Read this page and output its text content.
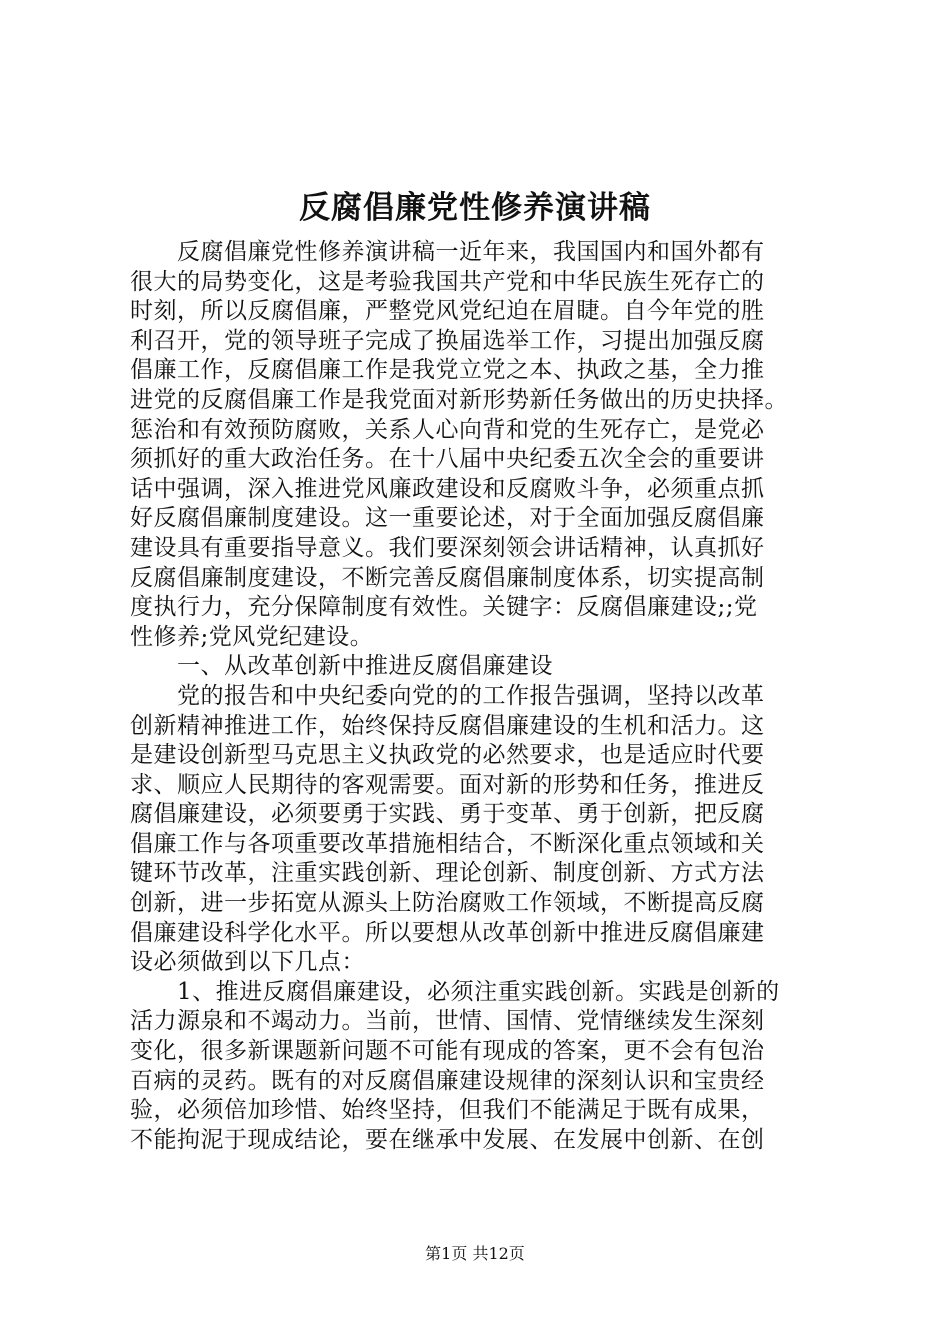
反腐倡廉党性修养演讲稿
　　反腐倡廉党性修养演讲稿一近年来，我国国内和国外都有
很大的局势变化，这是考验我国共产党和中华民族生死存亡的
时刻，所以反腐倡廉，严整党风党纪迫在眉睫。自今年党的胜
利召开，党的领导班子完成了换届选举工作，习提出加强反腐
倡廉工作，反腐倡廉工作是我党立党之本、执政之基，全力推
进党的反腐倡廉工作是我党面对新形势新任务做出的历史抉择。
惩治和有效预防腐败，关系人心向背和党的生死存亡，是党必
须抓好的重大政治任务。在十八届中央纪委五次全会的重要讲
话中强调，深入推进党风廉政建设和反腐败斗争，必须重点抓
好反腐倡廉制度建设。这一重要论述，对于全面加强反腐倡廉
建设具有重要指导意义。我们要深刻领会讲话精神，认真抓好
反腐倡廉制度建设，不断完善反腐倡廉制度体系，切实提高制
度执行力，充分保障制度有效性。关键字：反腐倡廉建设;;党
性修养;党风党纪建设。
　　一、从改革创新中推进反腐倡廉建设
　　党的报告和中央纪委向党的的工作报告强调，坚持以改革
创新精神推进工作，始终保持反腐倡廉建设的生机和活力。这
是建设创新型马克思主义执政党的必然要求，也是适应时代要
求、顺应人民期待的客观需要。面对新的形势和任务，推进反
腐倡廉建设，必须要勇于实践、勇于变革、勇于创新，把反腐
倡廉工作与各项重要改革措施相结合，不断深化重点领域和关
键环节改革，注重实践创新、理论创新、制度创新、方式方法
创新，进一步拓宽从源头上防治腐败工作领域，不断提高反腐
倡廉建设科学化水平。所以要想从改革创新中推进反腐倡廉建
设必须做到以下几点：
　　1、推进反腐倡廉建设，必须注重实践创新。实践是创新的
活力源泉和不竭动力。当前，世情、国情、党情继续发生深刻
变化，很多新课题新问题不可能有现成的答案，更不会有包治
百病的灵药。既有的对反腐倡廉建设规律的深刻认识和宝贵经
验，必须倍加珍惜、始终坚持，但我们不能满足于既有成果，
不能拘泥于现成结论，要在继承中发展、在发展中创新、在创
第1页 共12页
